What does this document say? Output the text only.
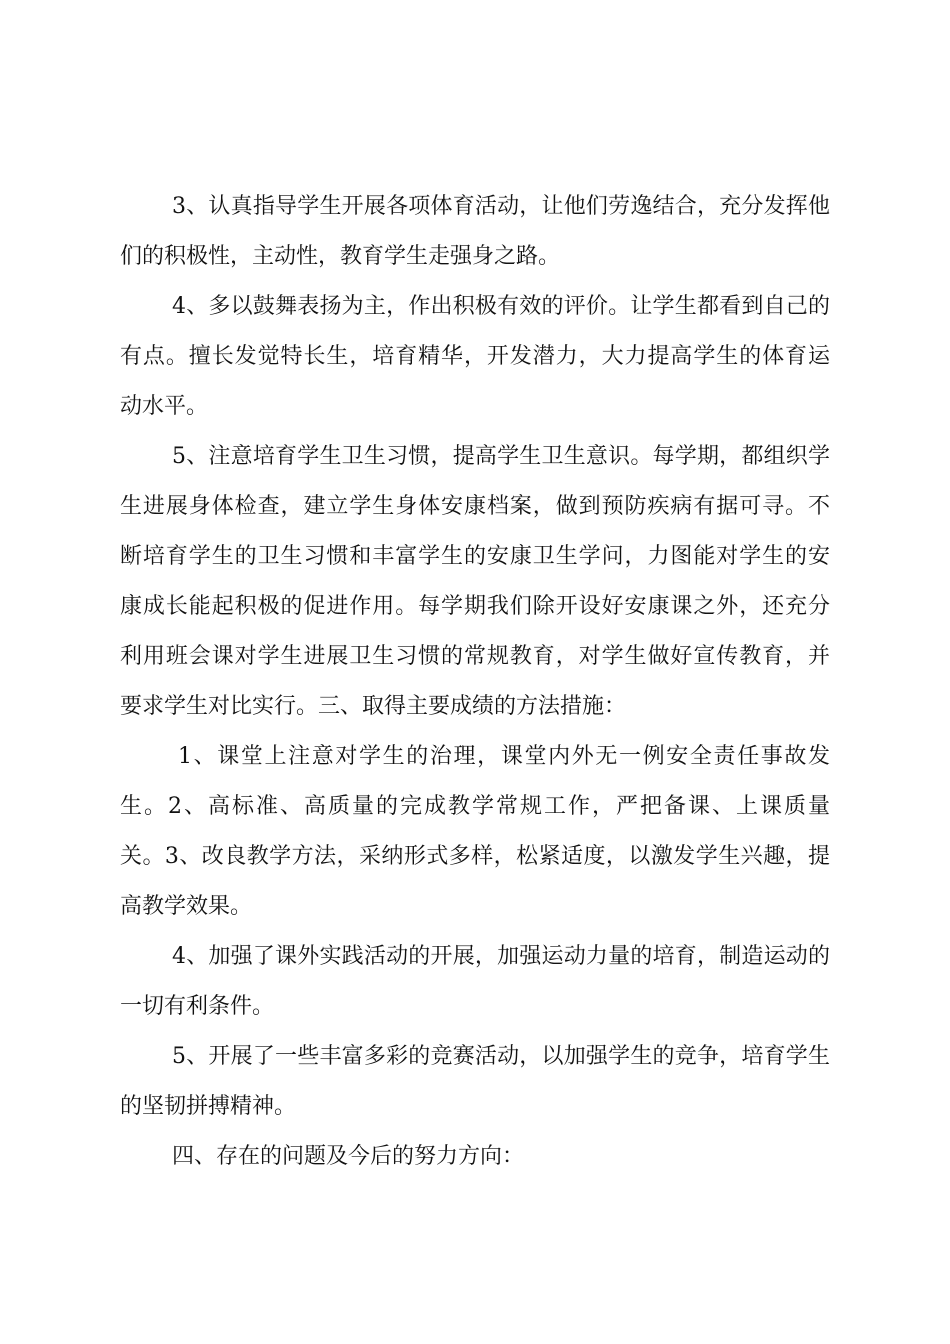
3、认真指导学生开展各项体育活动，让他们劳逸结合，充分发挥他
们的积极性，主动性，教育学生走强身之路。
4、多以鼓舞表扬为主，作出积极有效的评价。让学生都看到自己的
有点。擅长发觉特长生，培育精华，开发潜力，大力提高学生的体育运
动水平。
5、注意培育学生卫生习惯，提高学生卫生意识。每学期，都组织学
生进展身体检查，建立学生身体安康档案，做到预防疾病有据可寻。不
断培育学生的卫生习惯和丰富学生的安康卫生学问，力图能对学生的安
康成长能起积极的促进作用。每学期我们除开设好安康课之外，还充分
利用班会课对学生进展卫生习惯的常规教育，对学生做好宣传教育，并
要求学生对比实行。三、取得主要成绩的方法措施：
1、课堂上注意对学生的治理，课堂内外无一例安全责任事故发
生。2、高标准、高质量的完成教学常规工作，严把备课、上课质量
关。3、改良教学方法，采纳形式多样，松紧适度，以激发学生兴趣，提
高教学效果。
4、加强了课外实践活动的开展，加强运动力量的培育，制造运动的
一切有利条件。
5、开展了一些丰富多彩的竞赛活动，以加强学生的竞争，培育学生
的坚韧拼搏精神。
四、存在的问题及今后的努力方向：
